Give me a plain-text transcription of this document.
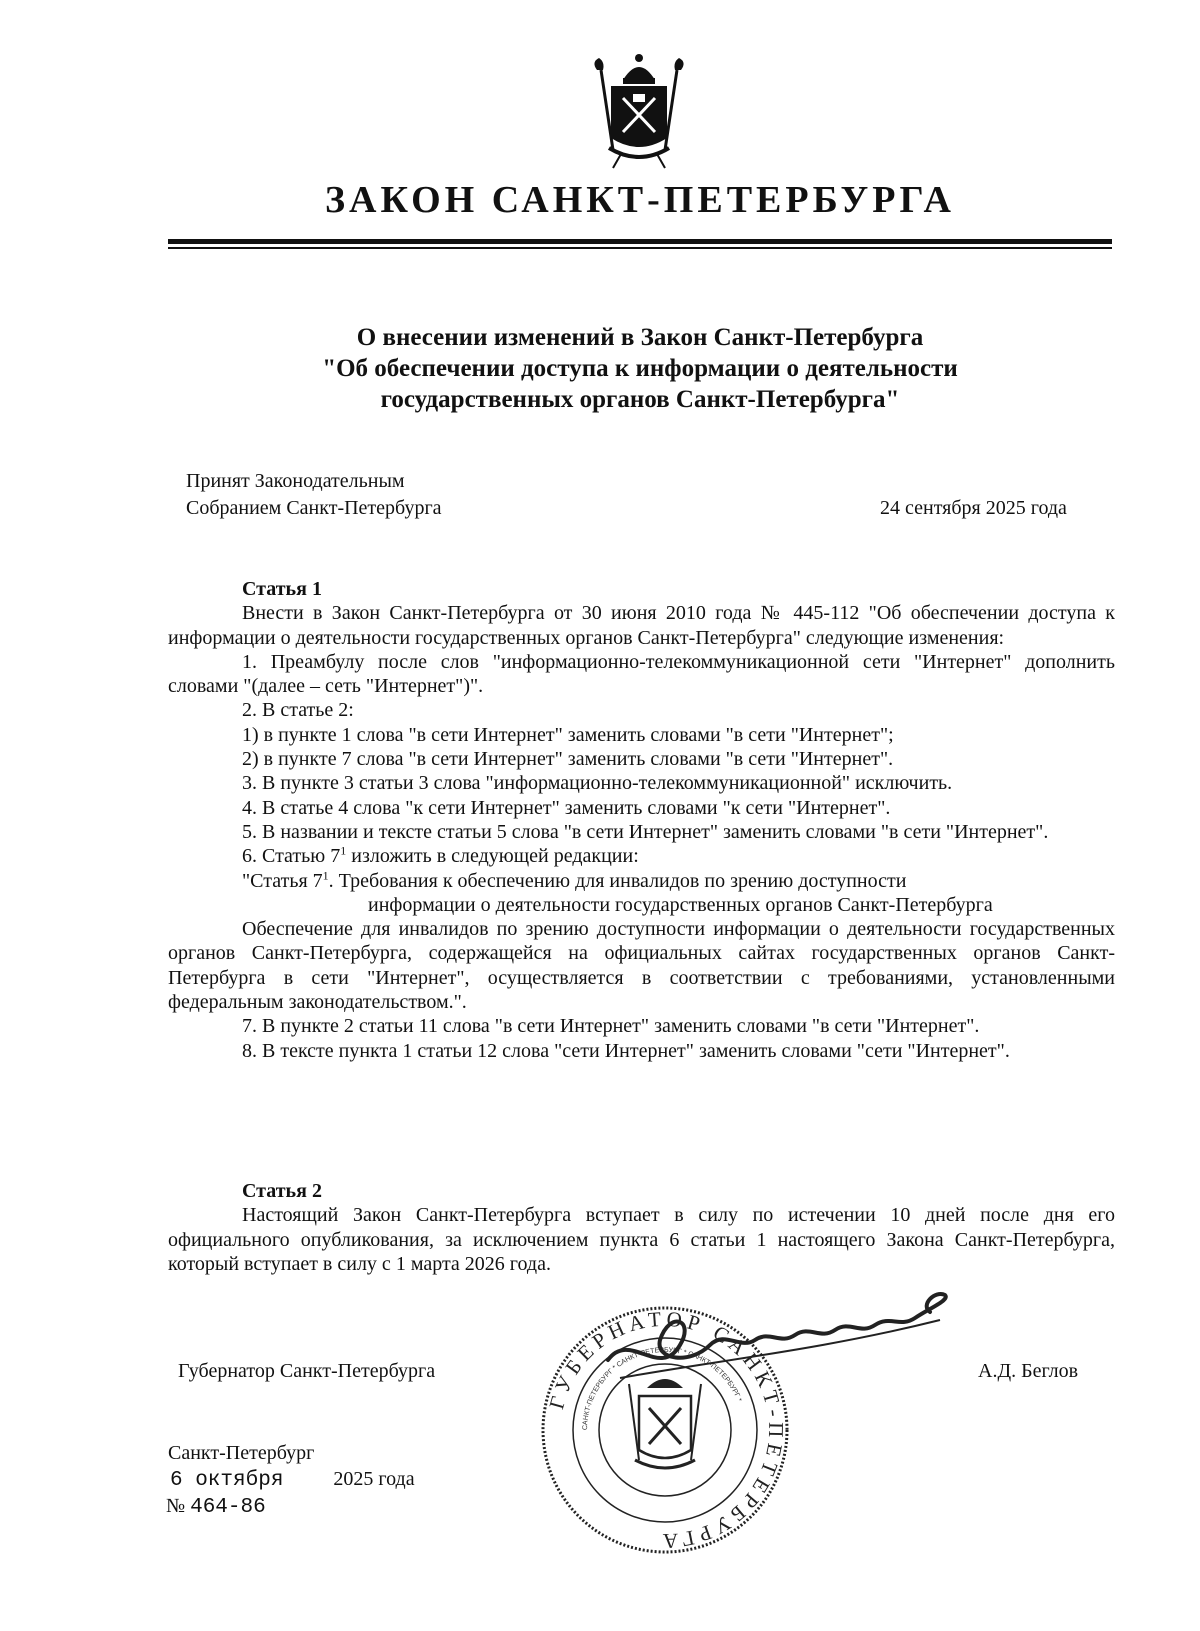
ЗАКОН САНКТ-ПЕТЕРБУРГА
О внесении изменений в Закон Санкт-Петербурга
"Об обеспечении доступа к информации о деятельности
государственных органов Санкт-Петербурга"
Принят Законодательным
Собранием Санкт-Петербурга	24 сентября 2025 года
Статья 1
Внести в Закон Санкт-Петербурга от 30 июня 2010 года № 445-112 "Об обеспечении доступа к информации о деятельности государственных органов Санкт-Петербурга" следующие изменения:
1. Преамбулу после слов "информационно-телекоммуникационной сети "Интернет" дополнить словами "(далее – сеть "Интернет")".
2. В статье 2:
1) в пункте 1 слова "в сети Интернет" заменить словами "в сети "Интернет";
2) в пункте 7 слова "в сети Интернет" заменить словами "в сети "Интернет".
3. В пункте 3 статьи 3 слова "информационно-телекоммуникационной" исключить.
4. В статье 4 слова "к сети Интернет" заменить словами "к сети "Интернет".
5. В названии и тексте статьи 5 слова "в сети Интернет" заменить словами "в сети "Интернет".
6. Статью $7^1$ изложить в следующей редакции:
"Статья $7^1$. Требования к обеспечению для инвалидов по зрению доступности
информации о деятельности государственных органов Санкт-Петербурга
Обеспечение для инвалидов по зрению доступности информации о деятельности государственных органов Санкт-Петербурга, содержащейся на официальных сайтах государственных органов Санкт-Петербурга в сети "Интернет", осуществляется в соответствии с требованиями, установленными федеральным законодательством.".
7. В пункте 2 статьи 11 слова "в сети Интернет" заменить словами "в сети "Интернет".
8. В тексте пункта 1 статьи 12 слова "сети Интернет" заменить словами "сети "Интернет".
Статья 2
Настоящий Закон Санкт-Петербурга вступает в силу по истечении 10 дней после дня его официального опубликования, за исключением пункта 6 статьи 1 настоящего Закона Санкт-Петербурга, который вступает в силу с 1 марта 2026 года.
ГУБЕРНАТОР САНКТ-ПЕТЕРБУРГА
САНКТ-ПЕТЕРБУРГ * САНКТ-ПЕТЕРБУРГ * САНКТ-ПЕТЕРБУРГ *
Губернатор Санкт-Петербурга	А.Д. Беглов
Санкт-Петербург
6 октября	2025 года
№ 464-86
